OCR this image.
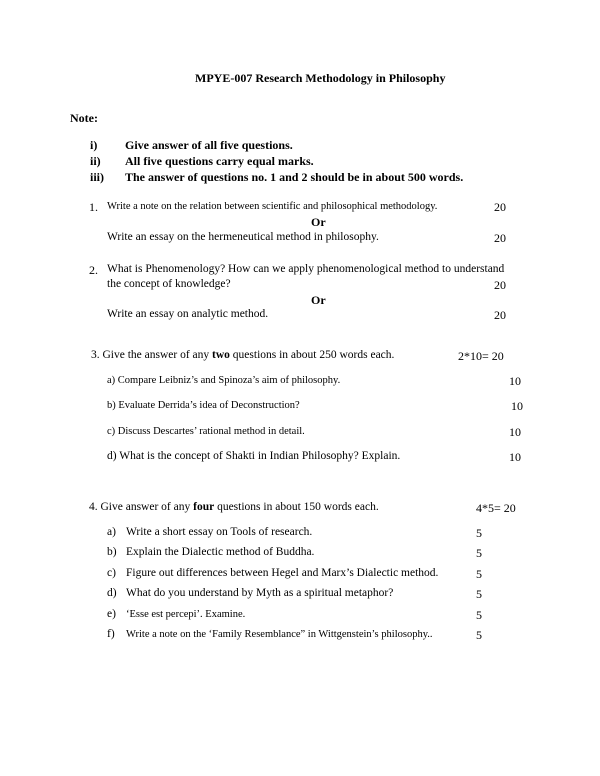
MPYE-007 Research Methodology in Philosophy
Note:
i) Give answer of all five questions.
ii) All five questions carry equal marks.
iii) The answer of questions no. 1 and 2 should be in about 500 words.
1. Write a note on the relation between scientific and philosophical methodology.	20
Or
Write an essay on the hermeneutical method in philosophy.	20
2. What is Phenomenology? How can we apply phenomenological method to understand
the concept of knowledge?	20
Or
Write an essay on analytic method.	20
3. Give the answer of any two questions in about 250 words each.	2*10= 20
a) Compare Leibniz’s and Spinoza’s aim of philosophy.	10
b) Evaluate Derrida’s idea of Deconstruction?	10
c) Discuss Descartes’ rational method in detail.	10
d) What is the concept of Shakti in Indian Philosophy? Explain.	10
4. Give answer of any four questions in about 150 words each.	4*5= 20
a) Write a short essay on Tools of research.	5
b) Explain the Dialectic method of Buddha.	5
c) Figure out differences between Hegel and Marx’s Dialectic method.	5
d) What do you understand by Myth as a spiritual metaphor?	5
e) ‘Esse est percepi’. Examine.	5
f) Write a note on the ‘Family Resemblance” in Wittgenstein’s philosophy..	5
